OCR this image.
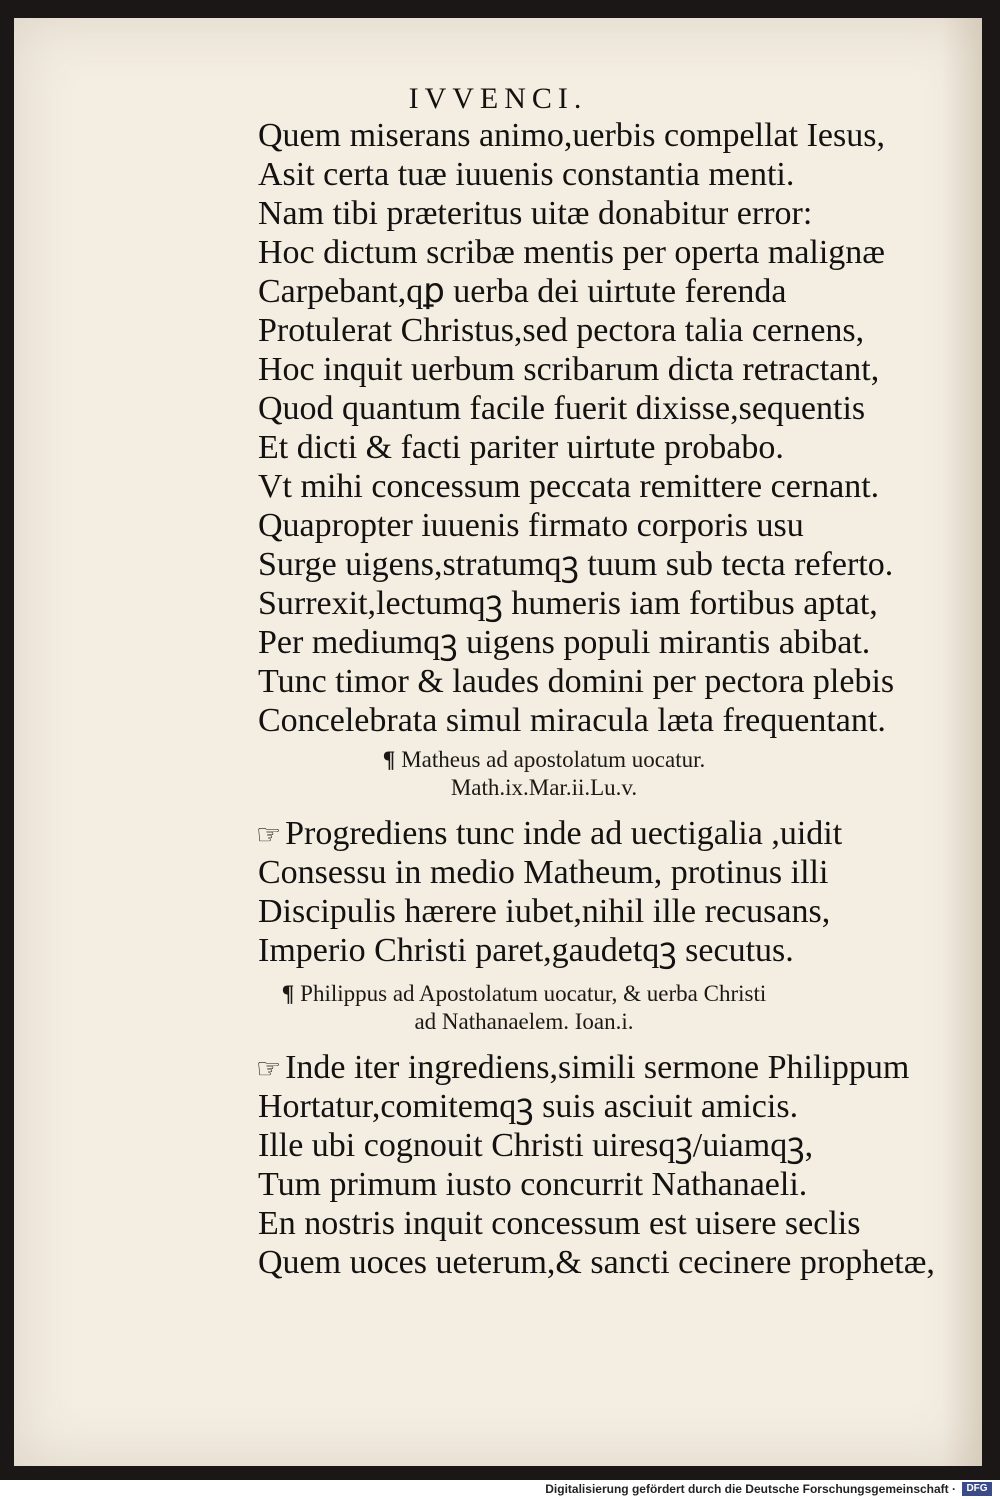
IVVENCI.
Quem miserans animo,uerbis compellat Iesus,
Asit certa tuæ iuuenis constantia menti.
Nam tibi præteritus uitæ donabitur error:
Hoc dictum scribæ mentis per operta malignæ
Carpebant,qꝑ uerba dei uirtute ferenda
Protulerat Christus,sed pectora talia cernens,
Hoc inquit uerbum scribarum dicta retractant,
Quod quantum facile fuerit dixisse,sequentis
Et dicti & facti pariter uirtute probabo.
Vt mihi concessum peccata remittere cernant.
Quapropter iuuenis firmato corporis usu
Surge uigens,stratumqꝫ tuum sub tecta referto.
Surrexit,lectumqꝫ humeris iam fortibus aptat,
Per mediumqꝫ uigens populi mirantis abibat.
Tunc timor & laudes domini per pectora plebis
Concelebrata simul miracula læta frequentant.
¶ Matheus ad apostolatum uocatur.
Math.ix.Mar.ii.Lu.v.
☞ Progrediens tunc inde ad uectigalia ,uidit
Consessu in medio Matheum, protinus illi
Discipulis hærere iubet,nihil ille recusans,
Imperio Christi paret,gaudetqꝫ secutus.
¶ Philippus ad Apostolatum uocatur, & uerba Christi
ad Nathanaelem. Ioan.i.
☞ Inde iter ingrediens,simili sermone Philippum
Hortatur,comitemqꝫ suis asciuit amicis.
Ille ubi cognouit Christi uiresqꝫ/uiamqꝫ,
Tum primum iusto concurrit Nathanaeli.
En nostris inquit concessum est uisere seclis
Quem uoces ueterum,& sancti cecinere prophetæ,
Digitalisierung gefördert durch die Deutsche Forschungsgemeinschaft ·	DFG
